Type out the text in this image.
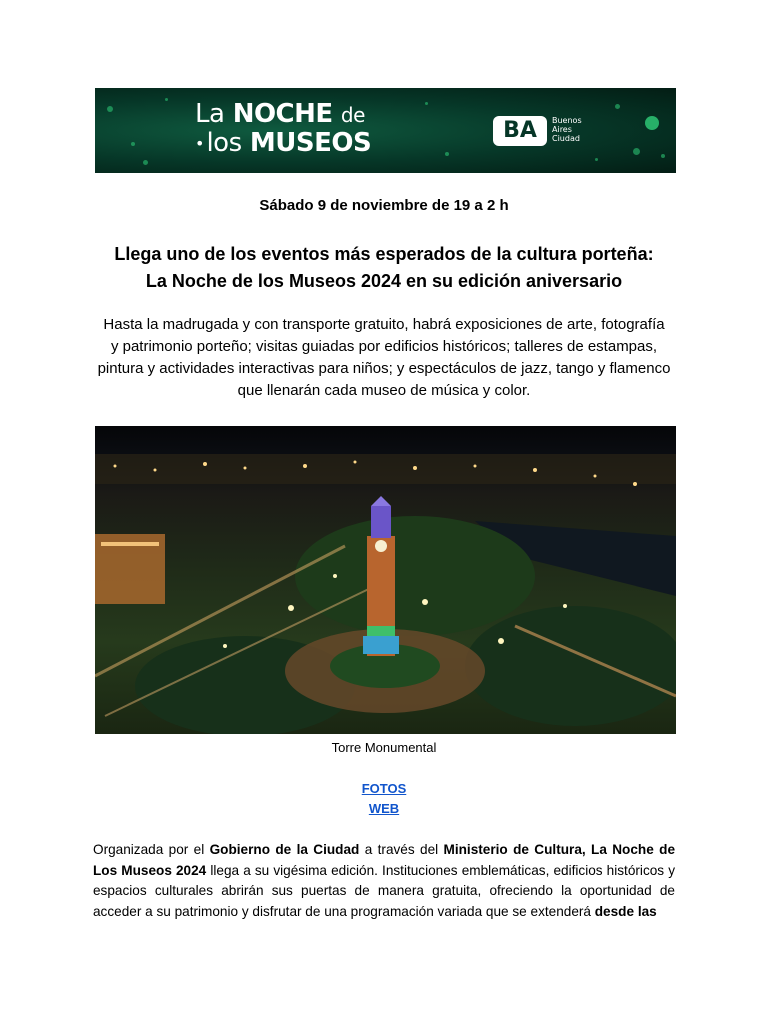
La NOCHE de
•los MUSEOS	BA	Buenos
Aires
Ciudad
Sábado 9 de noviembre de 19 a 2 h
Llega uno de los eventos más esperados de la cultura porteña:
La Noche de los Museos 2024 en su edición aniversario
Hasta la madrugada y con transporte gratuito, habrá exposiciones de arte, fotografía
y patrimonio porteño; visitas guiadas por edificios históricos; talleres de estampas,
pintura y actividades interactivas para niños; y espectáculos de jazz, tango y flamenco
que llenarán cada museo de música y color.
Torre Monumental
FOTOS
WEB
Organizada por el Gobierno de la Ciudad a través del Ministerio de Cultura, La Noche de Los Museos 2024 llega a su vigésima edición. Instituciones emblemáticas, edificios históricos y espacios culturales abrirán sus puertas de manera gratuita, ofreciendo la oportunidad de acceder a su patrimonio y disfrutar de una programación variada que se extenderá desde las
